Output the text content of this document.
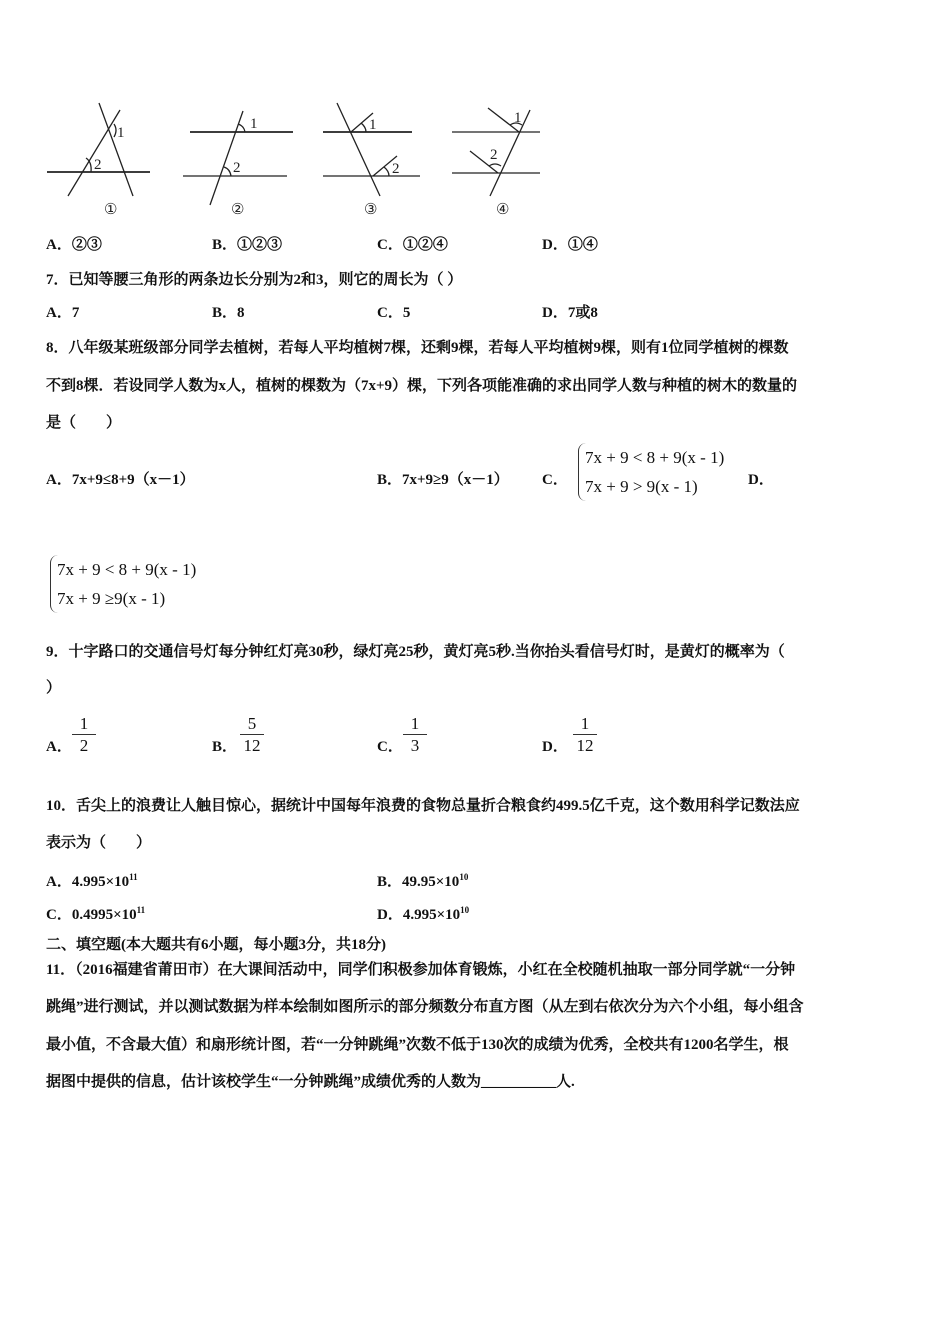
1
2
①
1
2
②
1
2
③
1
2
④
A．②③	B．①②③	C．①②④	D．①④
7．已知等腰三角形的两条边长分别为2和3，则它的周长为（ ）
A．7	B．8	C．5	D．7或8
8．八年级某班级部分同学去植树，若每人平均植树7棵，还剩9棵，若每人平均植树9棵，则有1位同学植树的棵数
不到8棵．若设同学人数为x人，植树的棵数为（7x+9）棵，下列各项能准确的求出同学人数与种植的树木的数量的
是（　　）
A．7x+9≤8+9（x－1）	B．7x+9≥9（x－1） C．
7x + 9 < 8 + 9(x - 1)
7x + 9 > 9(x - 1)	D．
7x + 9 < 8 + 9(x - 1)
7x + 9 ≥9(x - 1)
9．十字路口的交通信号灯每分钟红灯亮30秒，绿灯亮25秒，黄灯亮5秒.当你抬头看信号灯时，是黄灯的概率为（
）
A． $\frac{1}{2}$	B． $\frac{5}{12}$	C． $\frac{1}{3}$	D． $\frac{1}{12}$
10．舌尖上的浪费让人触目惊心，据统计中国每年浪费的食物总量折合粮食约499.5亿千克，这个数用科学记数法应
表示为（　　）
A．$4.995\times 10^{11}$	B．$49.95\times 10^{10}$
C．$0.4995\times 10^{11}$	D．$4.995\times 10^{10}$
二、填空题(本大题共有6小题，每小题3分，共18分)
11．（2016福建省莆田市）在大课间活动中，同学们积极参加体育锻炼，小红在全校随机抽取一部分同学就“一分钟
跳绳”进行测试，并以测试数据为样本绘制如图所示的部分频数分布直方图（从左到右依次分为六个小组，每小组含
最小值，不含最大值）和扇形统计图，若“一分钟跳绳”次数不低于130次的成绩为优秀，全校共有1200名学生，根
据图中提供的信息，估计该校学生“一分钟跳绳”成绩优秀的人数为__________人.
